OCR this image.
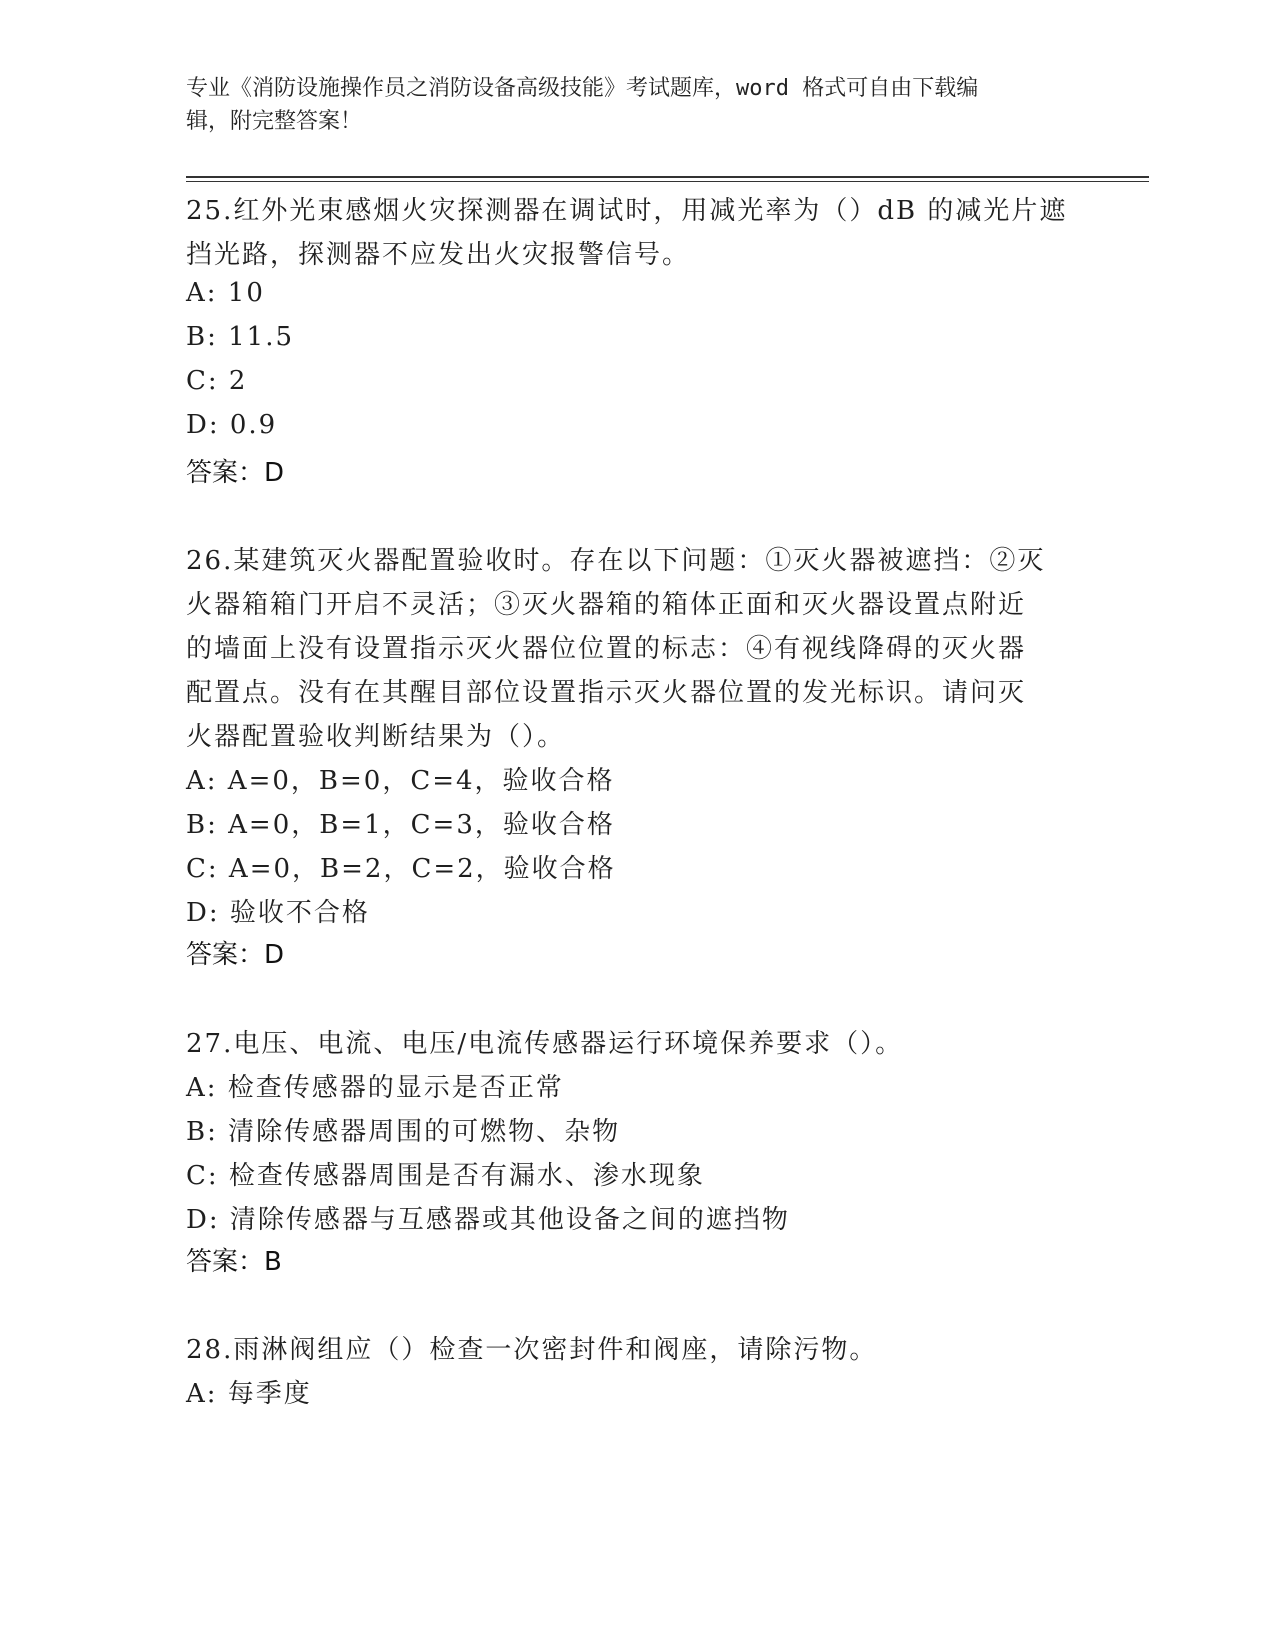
专业《消防设施操作员之消防设备高级技能》考试题库，word 格式可自由下载编
辑，附完整答案！
25.红外光束感烟火灾探测器在调试时，用减光率为（）dB 的减光片遮
挡光路，探测器不应发出火灾报警信号。
A: 10
B: 11.5
C: 2
D: 0.9
答案：D
26.某建筑灭火器配置验收时。存在以下问题：①灭火器被遮挡：②灭
火器箱箱门开启不灵活；③灭火器箱的箱体正面和灭火器设置点附近
的墙面上没有设置指示灭火器位位置的标志：④有视线降碍的灭火器
配置点。没有在其醒目部位设置指示灭火器位置的发光标识。请问灭
火器配置验收判断结果为（）。
A: A=0，B=0，C=4，验收合格
B: A=0，B=1，C=3，验收合格
C: A=0，B=2，C=2，验收合格
D: 验收不合格
答案：D
27.电压、电流、电压/电流传感器运行环境保养要求（）。
A: 检查传感器的显示是否正常
B: 清除传感器周围的可燃物、杂物
C: 检查传感器周围是否有漏水、渗水现象
D: 清除传感器与互感器或其他设备之间的遮挡物
答案：B
28.雨淋阀组应（）检查一次密封件和阀座，请除污物。
A: 每季度
